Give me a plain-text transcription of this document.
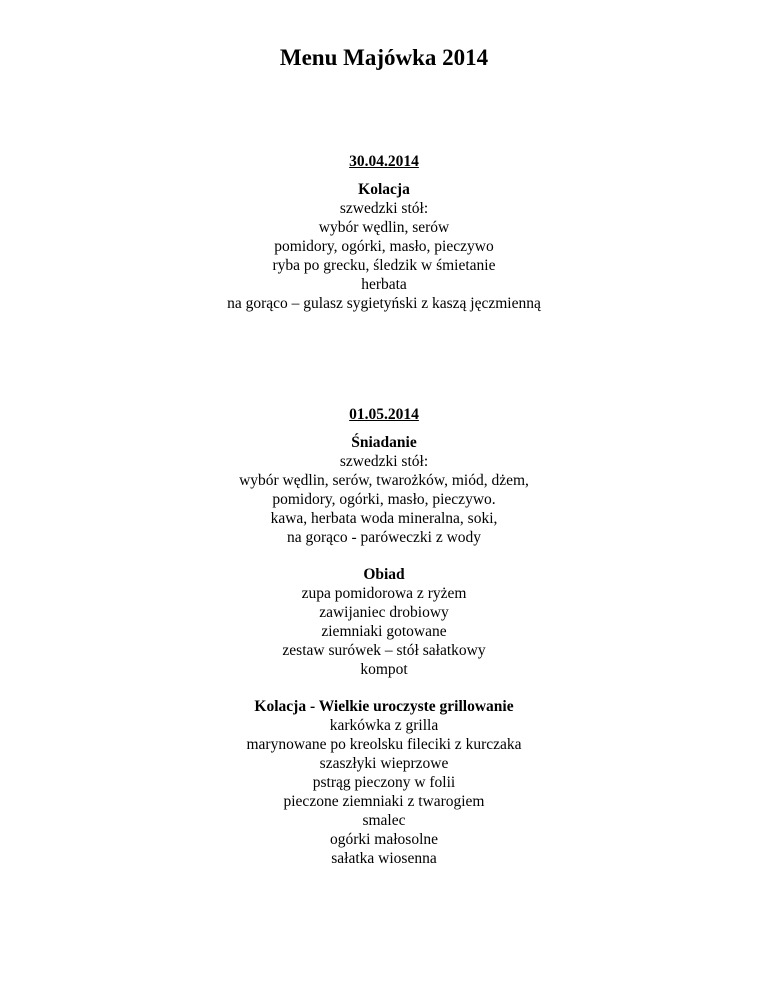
Menu Majówka 2014

30.04.2014

Kolacja

szwedzki stół:

wybór wędlin, serów

pomidory, ogórki, masło, pieczywo

ryba po grecku, śledzik w śmietanie

herbata

na gorąco – gulasz sygietyński z kaszą jęczmienną

01.05.2014

Śniadanie

szwedzki stół:

wybór wędlin, serów, twarożków, miód, dżem,

pomidory, ogórki, masło, pieczywo.

kawa, herbata woda mineralna, soki,

na gorąco - paróweczki z wody

Obiad

zupa pomidorowa z ryżem

zawijaniec drobiowy

ziemniaki gotowane

zestaw surówek – stół sałatkowy

kompot

Kolacja - Wielkie uroczyste grillowanie

karkówka z grilla

marynowane po kreolsku fileciki z kurczaka

szaszłyki wieprzowe

pstrąg pieczony w folii

pieczone ziemniaki z twarogiem

smalec

ogórki małosolne

sałatka wiosenna
